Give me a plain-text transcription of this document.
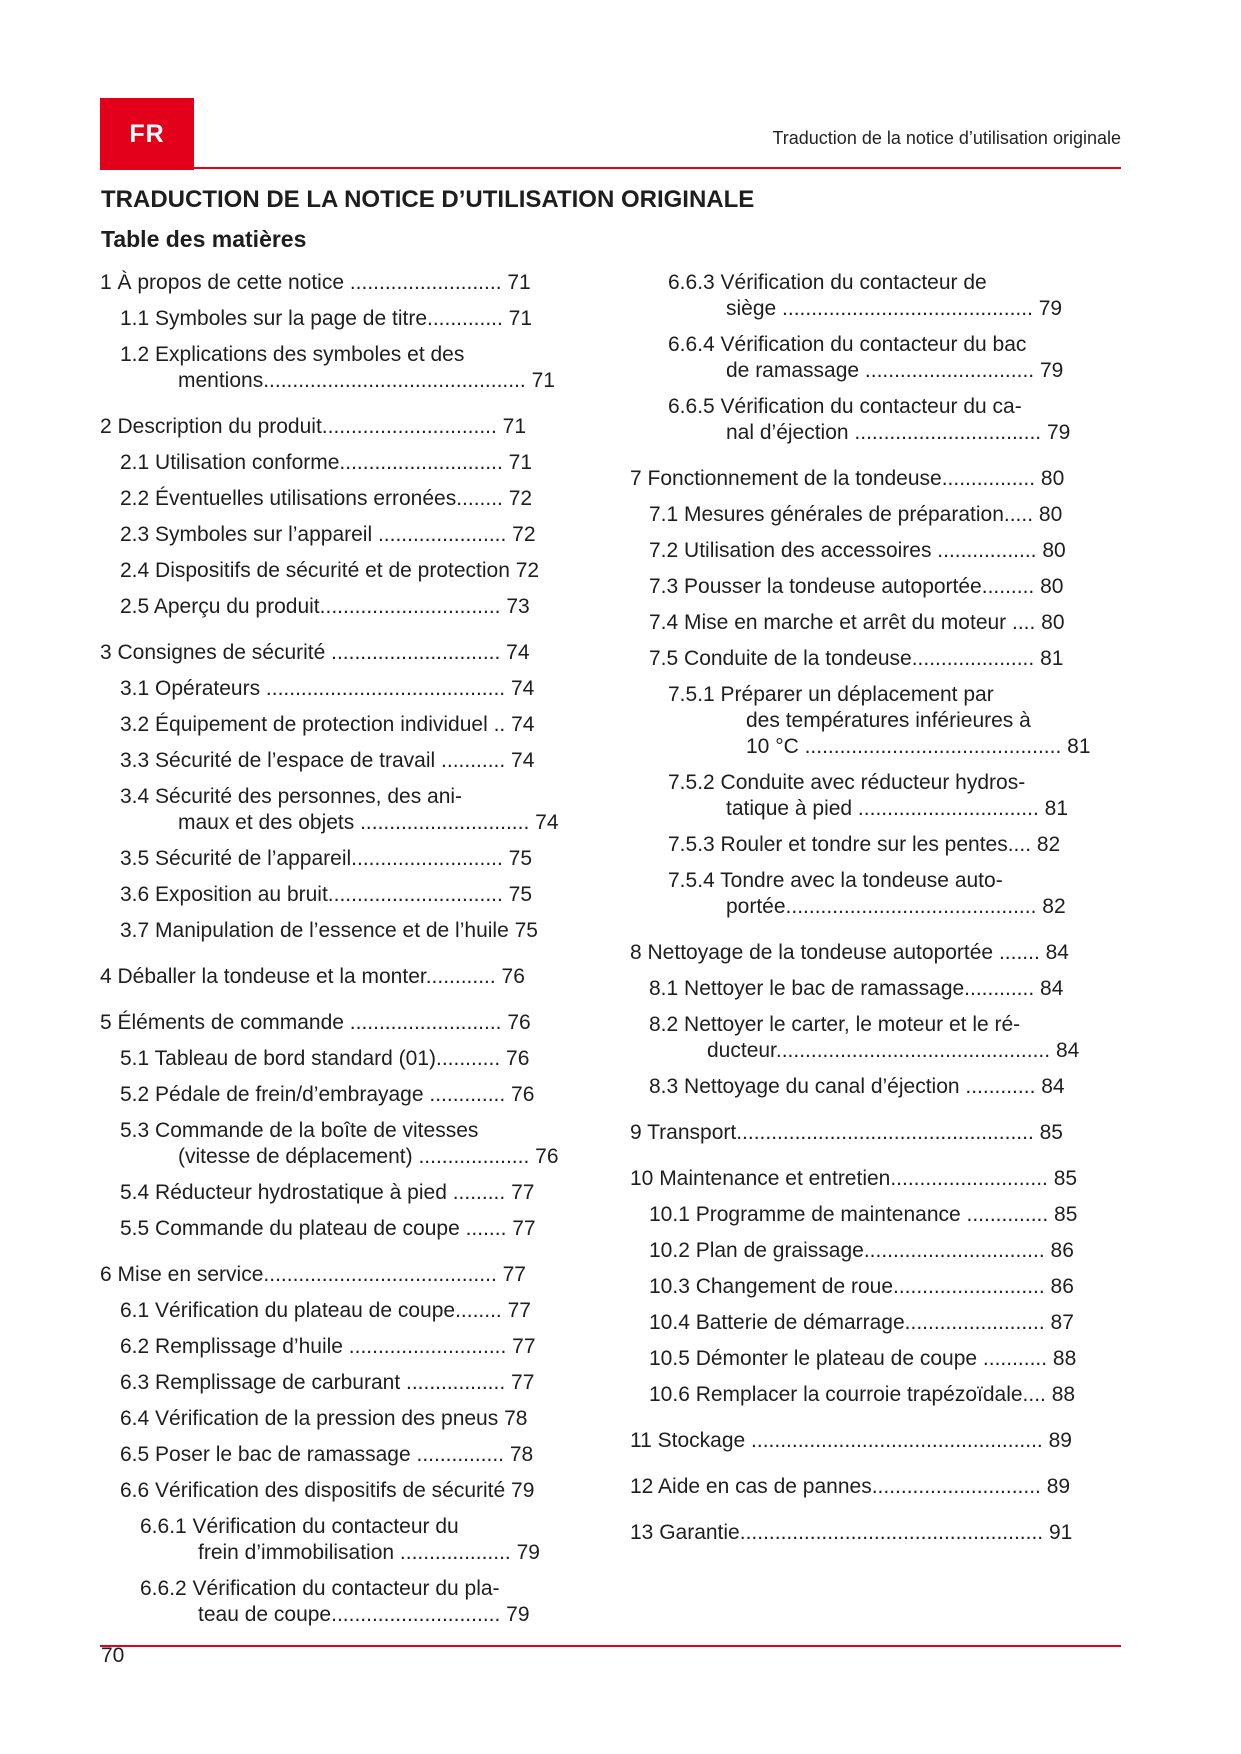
FR	Traduction de la notice d’utilisation originale
TRADUCTION DE LA NOTICE D’UTILISATION ORIGINALE
Table des matières
1 À propos de cette notice .......................... 71
1.1 Symboles sur la page de titre............. 71
1.2 Explications des symboles et des
mentions............................................. 71
2 Description du produit.............................. 71
2.1 Utilisation conforme............................ 71
2.2 Éventuelles utilisations erronées........ 72
2.3 Symboles sur l’appareil ...................... 72
2.4 Dispositifs de sécurité et de protection 72
2.5 Aperçu du produit............................... 73
3 Consignes de sécurité ............................. 74
3.1 Opérateurs ......................................... 74
3.2 Équipement de protection individuel .. 74
3.3 Sécurité de l’espace de travail ........... 74
3.4 Sécurité des personnes, des ani-
maux et des objets ............................. 74
3.5 Sécurité de l’appareil.......................... 75
3.6 Exposition au bruit.............................. 75
3.7 Manipulation de l’essence et de l’huile 75
4 Déballer la tondeuse et la monter............ 76
5 Éléments de commande .......................... 76
5.1 Tableau de bord standard (01)........... 76
5.2 Pédale de frein/d’embrayage ............. 76
5.3 Commande de la boîte de vitesses
(vitesse de déplacement) ................... 76
5.4 Réducteur hydrostatique à pied ......... 77
5.5 Commande du plateau de coupe ....... 77
6 Mise en service........................................ 77
6.1 Vérification du plateau de coupe........ 77
6.2 Remplissage d’huile ........................... 77
6.3 Remplissage de carburant ................. 77
6.4 Vérification de la pression des pneus 78
6.5 Poser le bac de ramassage ............... 78
6.6 Vérification des dispositifs de sécurité 79
6.6.1 Vérification du contacteur du
frein d’immobilisation ................... 79
6.6.2 Vérification du contacteur du pla-
teau de coupe............................. 79
6.6.3 Vérification du contacteur de
siège ........................................... 79
6.6.4 Vérification du contacteur du bac
de ramassage ............................. 79
6.6.5 Vérification du contacteur du ca-
nal d’éjection ................................ 79
7 Fonctionnement de la tondeuse................ 80
7.1 Mesures générales de préparation..... 80
7.2 Utilisation des accessoires ................. 80
7.3 Pousser la tondeuse autoportée......... 80
7.4 Mise en marche et arrêt du moteur .... 80
7.5 Conduite de la tondeuse..................... 81
7.5.1 Préparer un déplacement par
des températures inférieures à
10 °C ............................................ 81
7.5.2 Conduite avec réducteur hydros-
tatique à pied ............................... 81
7.5.3 Rouler et tondre sur les pentes.... 82
7.5.4 Tondre avec la tondeuse auto-
portée........................................... 82
8 Nettoyage de la tondeuse autoportée ....... 84
8.1 Nettoyer le bac de ramassage............ 84
8.2 Nettoyer le carter, le moteur et le ré-
ducteur............................................... 84
8.3 Nettoyage du canal d’éjection ............ 84
9 Transport................................................... 85
10 Maintenance et entretien........................... 85
10.1 Programme de maintenance .............. 85
10.2 Plan de graissage............................... 86
10.3 Changement de roue.......................... 86
10.4 Batterie de démarrage........................ 87
10.5 Démonter le plateau de coupe ........... 88
10.6 Remplacer la courroie trapézoïdale.... 88
11 Stockage .................................................. 89
12 Aide en cas de pannes............................. 89
13 Garantie.................................................... 91
70
